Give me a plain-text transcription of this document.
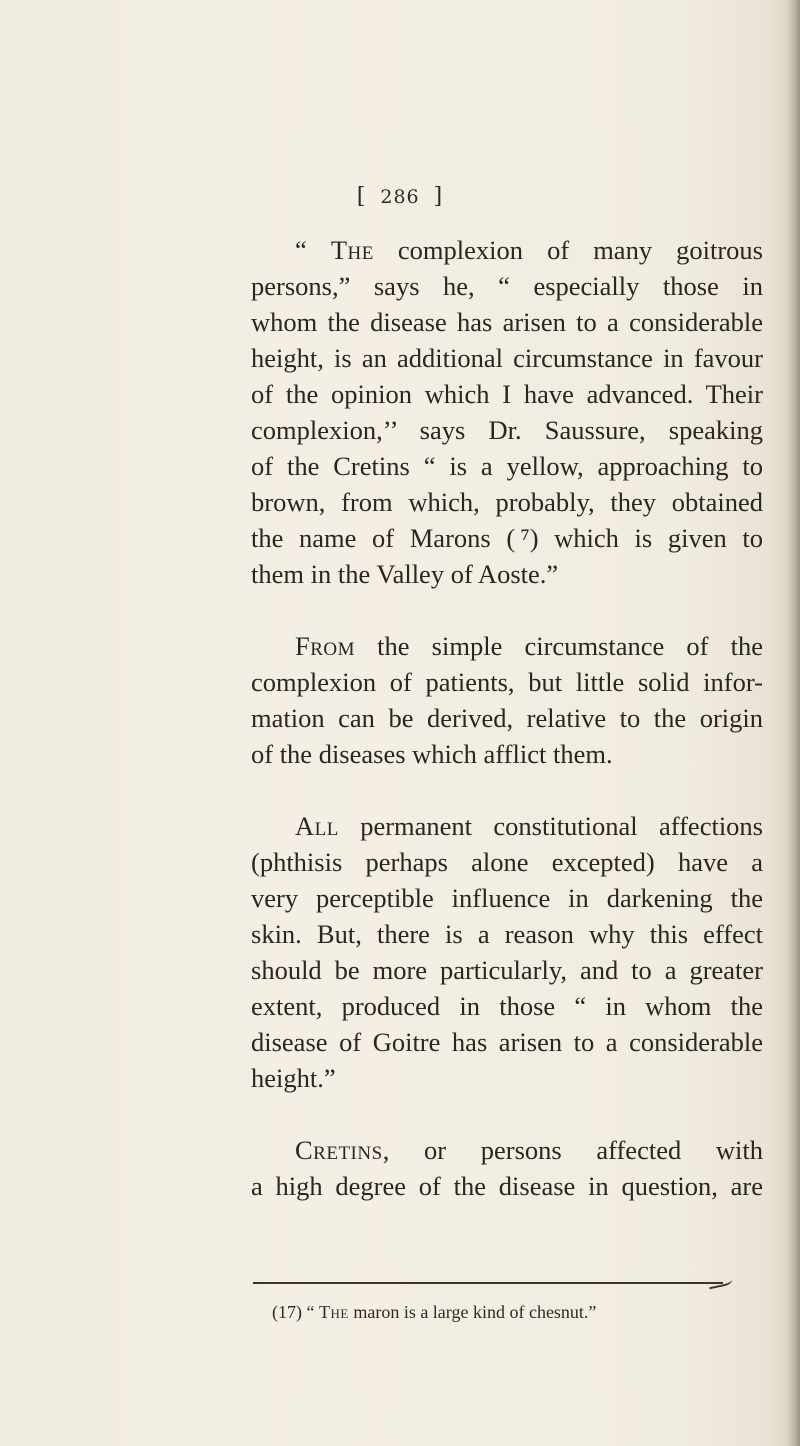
[ 286 ]

“ The complexion of many goitrous
persons,” says he, “ especially those in
whom the disease has arisen to a considerable
height, is an additional circumstance in favour
of the opinion which I have advanced. Their
complexion,’’ says Dr. Saussure, speaking
of the Cretins “ is a yellow, approaching to
brown, from which, probably, they obtained
the name of Marons ( ⁷) which is given to
them in the Valley of Aoste.”

From the simple circumstance of the
complexion of patients, but little solid infor-
mation can be derived, relative to the origin
of the diseases which afflict them.

All permanent constitutional affections
(phthisis perhaps alone excepted) have a
very perceptible influence in darkening the
skin. But, there is a reason why this effect
should be more particularly, and to a greater
extent, produced in those “ in whom the
disease of Goitre has arisen to a considerable
height.”

Cretins, or persons affected with
a high degree of the disease in question, are

(17) “ The maron is a large kind of chesnut.”
